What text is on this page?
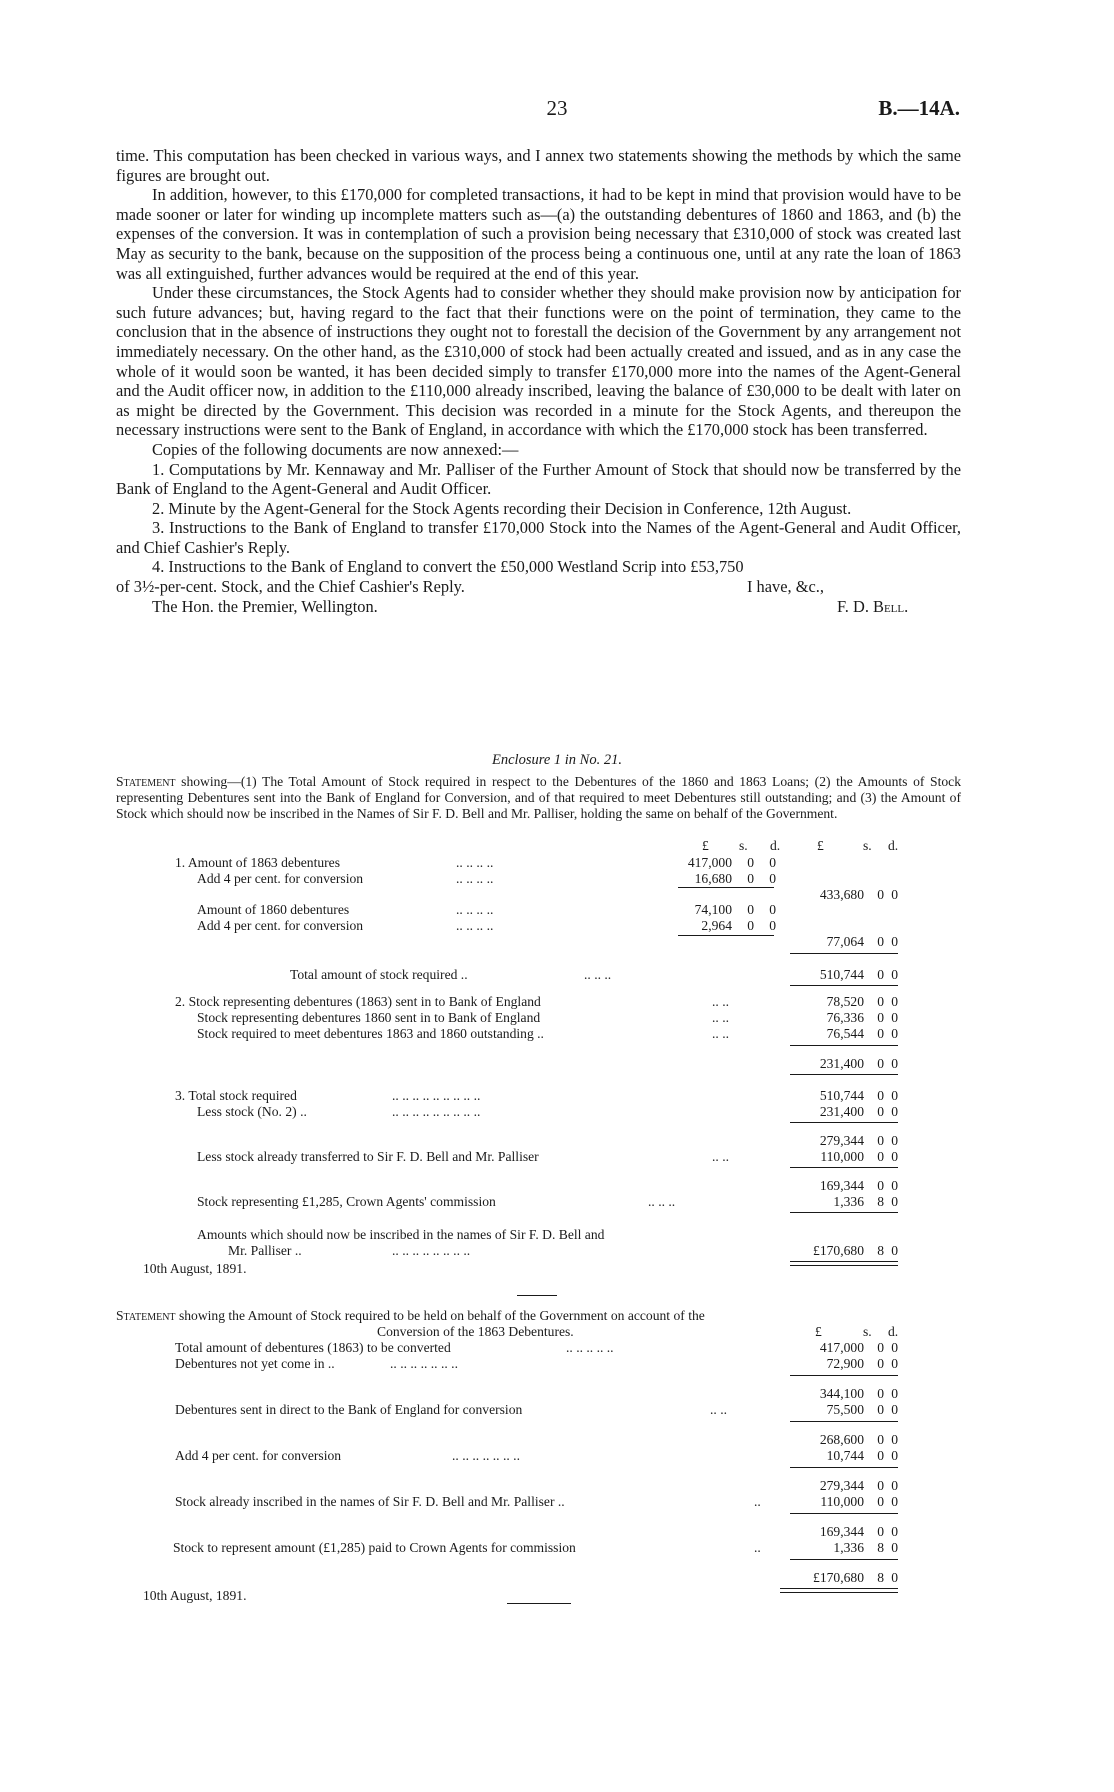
23	B.—14A.

time. This computation has been checked in various ways, and I annex two statements showing the methods by which the same figures are brought out.

In addition, however, to this £170,000 for completed transactions, it had to be kept in mind that provision would have to be made sooner or later for winding up incomplete matters such as—(a) the outstanding debentures of 1860 and 1863, and (b) the expenses of the conversion. It was in contemplation of such a provision being necessary that £310,000 of stock was created last May as security to the bank, because on the supposition of the process being a continuous one, until at any rate the loan of 1863 was all extinguished, further advances would be required at the end of this year.

Under these circumstances, the Stock Agents had to consider whether they should make provision now by anticipation for such future advances; but, having regard to the fact that their functions were on the point of termination, they came to the conclusion that in the absence of instructions they ought not to forestall the decision of the Government by any arrangement not immediately necessary. On the other hand, as the £310,000 of stock had been actually created and issued, and as in any case the whole of it would soon be wanted, it has been decided simply to transfer £170,000 more into the names of the Agent-General and the Audit officer now, in addition to the £110,000 already inscribed, leaving the balance of £30,000 to be dealt with later on as might be directed by the Government. This decision was recorded in a minute for the Stock Agents, and thereupon the necessary instructions were sent to the Bank of England, in accordance with which the £170,000 stock has been transferred.

Copies of the following documents are now annexed:—

1. Computations by Mr. Kennaway and Mr. Palliser of the Further Amount of Stock that should now be transferred by the Bank of England to the Agent-General and Audit Officer.

2. Minute by the Agent-General for the Stock Agents recording their Decision in Conference, 12th August.

3. Instructions to the Bank of England to transfer £170,000 Stock into the Names of the Agent-General and Audit Officer, and Chief Cashier's Reply.

4. Instructions to the Bank of England to convert the £50,000 Westland Scrip into £53,750

of 3½-per-cent. Stock, and the Chief Cashier's Reply.	I have, &c.,
The Hon. the Premier, Wellington.	F. D. Bell.
Enclosure 1 in No. 21.
Statement showing—(1) The Total Amount of Stock required in respect to the Debentures of the 1860 and 1863 Loans; (2) the Amounts of Stock representing Debentures sent into the Bank of England for Conversion, and of that required to meet Debentures still outstanding; and (3) the Amount of Stock which should now be inscribed in the Names of Sir F. D. Bell and Mr. Palliser, holding the same on behalf of the Government.
£ s. d.	£	s. d.
1. Amount of 1863 debentures	.. .. .. ..	417,000 0 0
Add 4 per cent. for conversion	.. .. .. ..	16,680 0 0
433,680 0 0
Amount of 1860 debentures	.. .. .. ..	74,100 0 0
Add 4 per cent. for conversion	.. .. .. ..	2,964 0 0
77,064 0 0
Total amount of stock required ..	.. .. ..	510,744 0 0
2. Stock representing debentures (1863) sent in to Bank of England	.. ..	78,520 0 0
Stock representing debentures 1860 sent in to Bank of England	.. ..	76,336 0 0
Stock required to meet debentures 1863 and 1860 outstanding ..	.. ..	76,544 0 0
231,400 0 0
3. Total stock required	.. .. .. .. .. .. .. .. ..	510,744 0 0
Less stock (No. 2) ..	.. .. .. .. .. .. .. .. ..	231,400 0 0
279,344 0 0
Less stock already transferred to Sir F. D. Bell and Mr. Palliser	.. ..	110,000 0 0
169,344 0 0
Stock representing £1,285, Crown Agents' commission	.. .. ..	1,336 8 0
Amounts which should now be inscribed in the names of Sir F. D. Bell and
Mr. Palliser ..	.. .. .. .. .. .. .. ..	£170,680 8 0
10th August, 1891.
Statement showing the Amount of Stock required to be held on behalf of the Government on account of the
Conversion of the 1863 Debentures.	£	s. d.
Total amount of debentures (1863) to be converted	.. .. .. .. ..	417,000 0 0
Debentures not yet come in ..	.. .. .. .. .. .. ..	72,900 0 0
344,100 0 0
Debentures sent in direct to the Bank of England for conversion	.. ..	75,500 0 0
268,600 0 0
Add 4 per cent. for conversion	.. .. .. .. .. .. ..	10,744 0 0
279,344 0 0
Stock already inscribed in the names of Sir F. D. Bell and Mr. Palliser ..	..	110,000 0 0
169,344 0 0
Stock to represent amount (£1,285) paid to Crown Agents for commission	..	1,336 8 0
£170,680 8 0
10th August, 1891.
